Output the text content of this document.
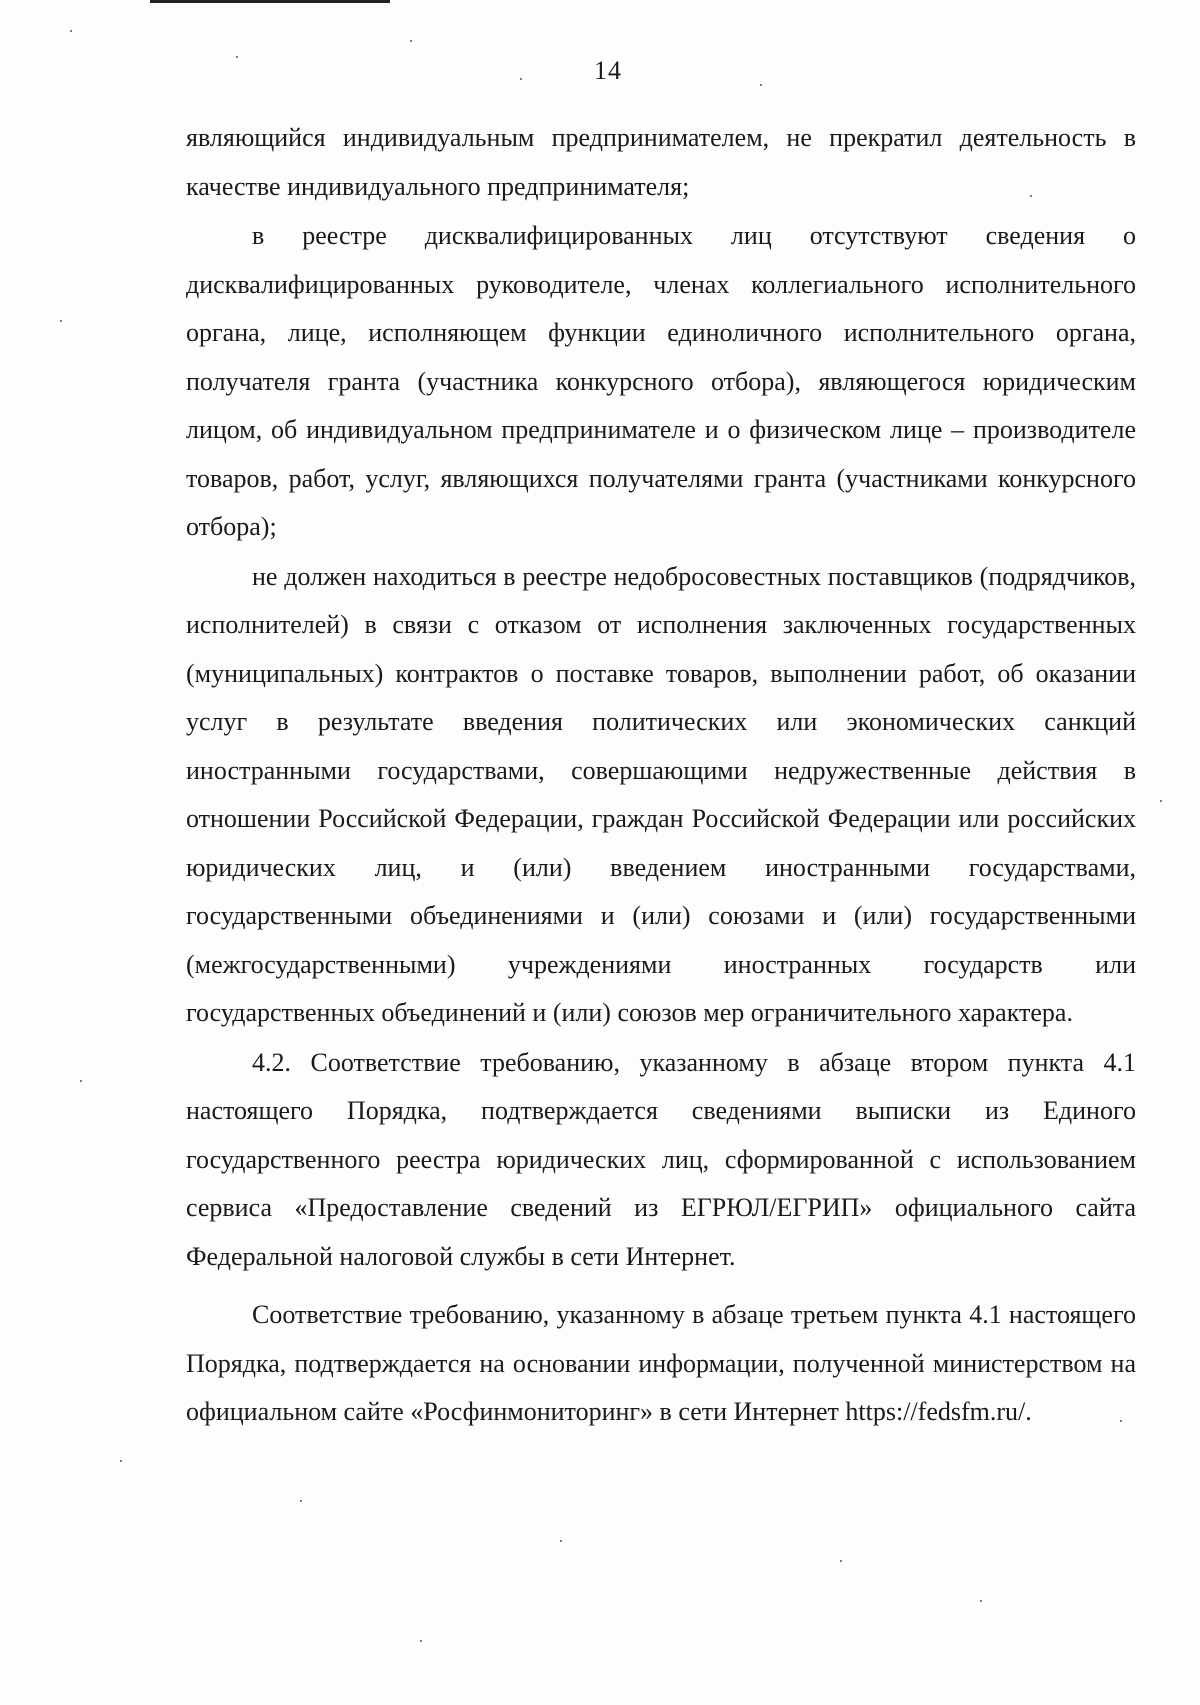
14

являющийся индивидуальным предпринимателем, не прекратил деятельность в качестве индивидуального предпринимателя;

в реестре дисквалифицированных лиц отсутствуют сведения о дисквалифицированных руководителе, членах коллегиального исполнительного органа, лице, исполняющем функции единоличного исполнительного органа, получателя гранта (участника конкурсного отбора), являющегося юридическим лицом, об индивидуальном предпринимателе и о физическом лице – производителе товаров, работ, услуг, являющихся получателями гранта (участниками конкурсного отбора);

не должен находиться в реестре недобросовестных поставщиков (подрядчиков, исполнителей) в связи с отказом от исполнения заключенных государственных (муниципальных) контрактов о поставке товаров, выполнении работ, об оказании услуг в результате введения политических или экономических санкций иностранными государствами, совершающими недружественные действия в отношении Российской Федерации, граждан Российской Федерации или российских юридических лиц, и (или) введением иностранными государствами, государственными объединениями и (или) союзами и (или) государственными (межгосударственными) учреждениями иностранных государств или государственных объединений и (или) союзов мер ограничительного характера.

4.2. Соответствие требованию, указанному в абзаце втором пункта 4.1 настоящего Порядка, подтверждается сведениями выписки из Единого государственного реестра юридических лиц, сформированной с использованием сервиса «Предоставление сведений из ЕГРЮЛ/ЕГРИП» официального сайта Федеральной налоговой службы в сети Интернет.

Соответствие требованию, указанному в абзаце третьем пункта 4.1 настоящего Порядка, подтверждается на основании информации, полученной министерством на официальном сайте «Росфинмониторинг» в сети Интернет https://fedsfm.ru/.
